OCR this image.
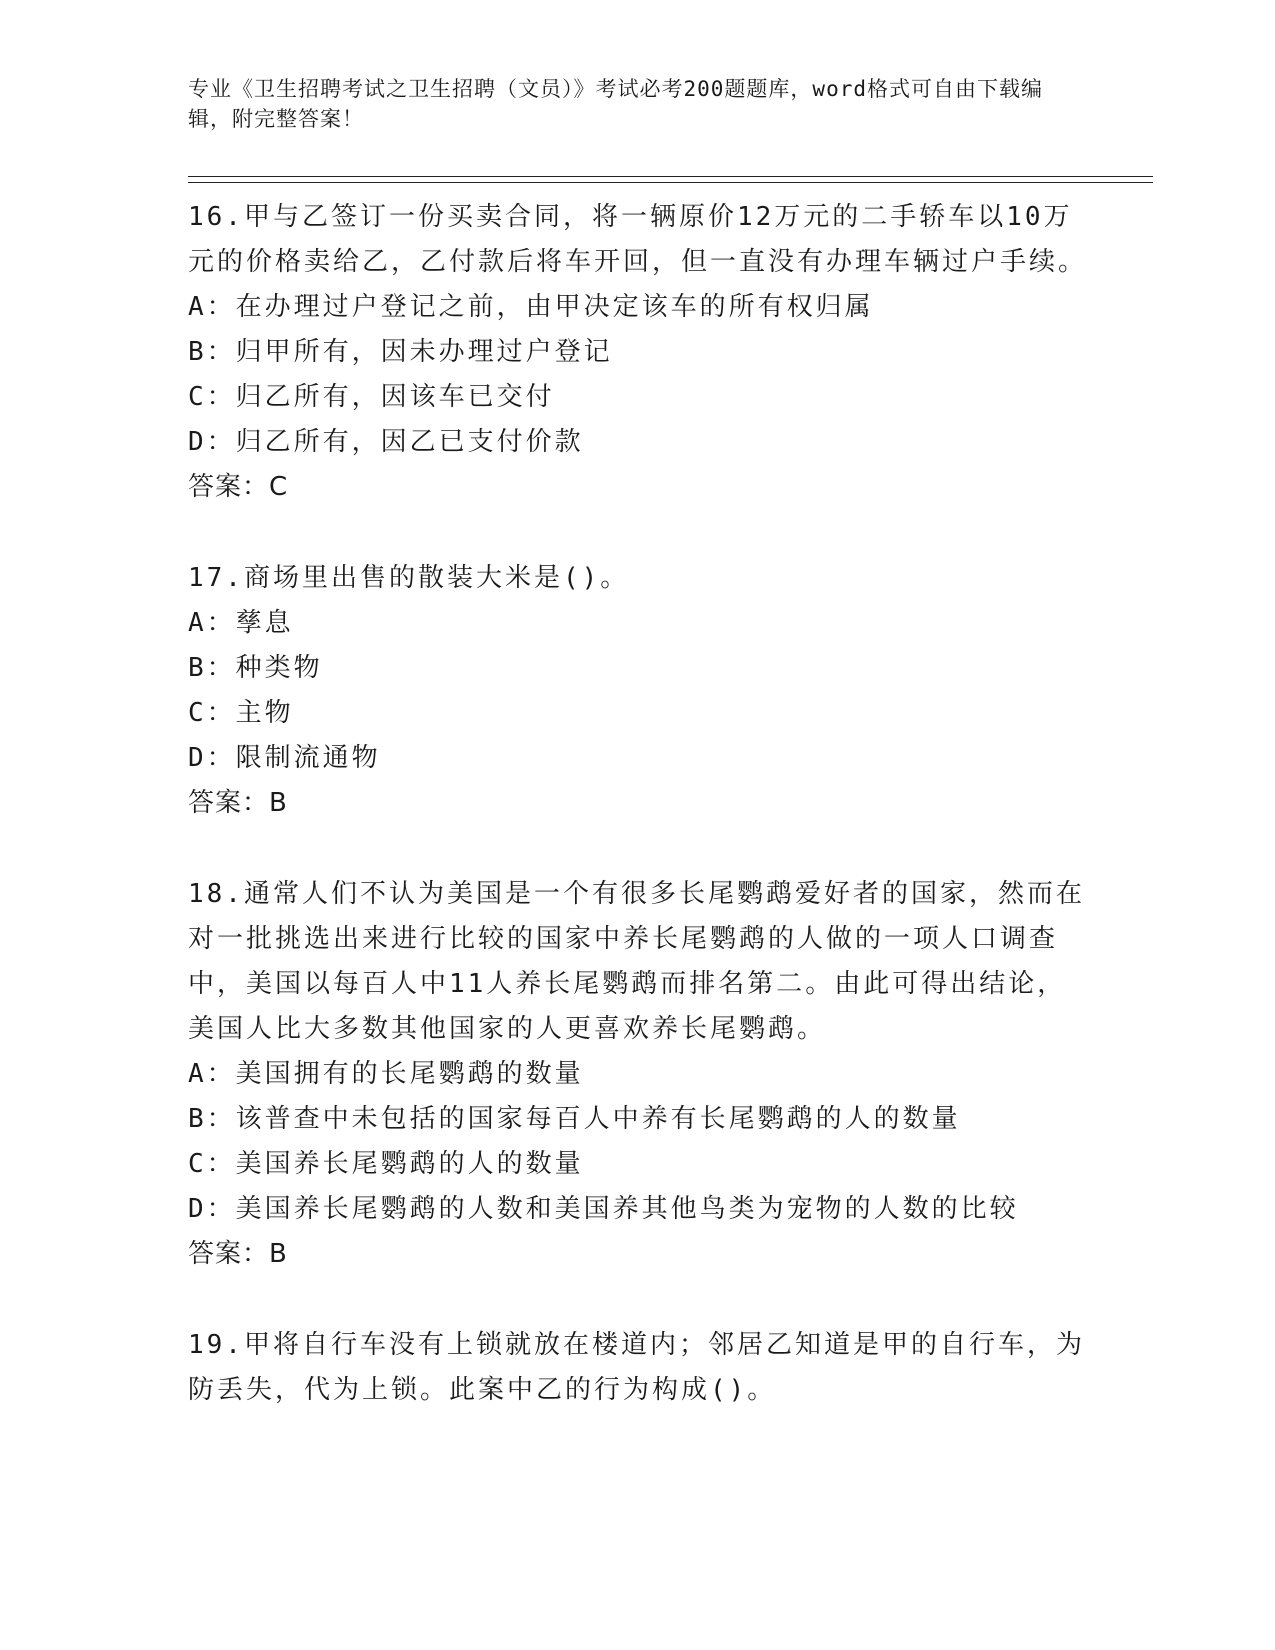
专业《卫生招聘考试之卫生招聘（文员）》考试必考200题题库，word格式可自由下载编辑，附完整答案！

16.甲与乙签订一份买卖合同，将一辆原价12万元的二手轿车以10万元的价格卖给乙，乙付款后将车开回，但一直没有办理车辆过户手续。

A：在办理过户登记之前，由甲决定该车的所有权归属

B：归甲所有，因未办理过户登记

C：归乙所有，因该车已交付

D：归乙所有，因乙已支付价款

答案：C

17.商场里出售的散装大米是()。

A：孳息

B：种类物

C：主物

D：限制流通物

答案：B

18.通常人们不认为美国是一个有很多长尾鹦鹉爱好者的国家，然而在对一批挑选出来进行比较的国家中养长尾鹦鹉的人做的一项人口调查中，美国以每百人中11人养长尾鹦鹉而排名第二。由此可得出结论，美国人比大多数其他国家的人更喜欢养长尾鹦鹉。

A：美国拥有的长尾鹦鹉的数量

B：该普查中未包括的国家每百人中养有长尾鹦鹉的人的数量

C：美国养长尾鹦鹉的人的数量

D：美国养长尾鹦鹉的人数和美国养其他鸟类为宠物的人数的比较

答案：B

19.甲将自行车没有上锁就放在楼道内；邻居乙知道是甲的自行车，为防丢失，代为上锁。此案中乙的行为构成()。
